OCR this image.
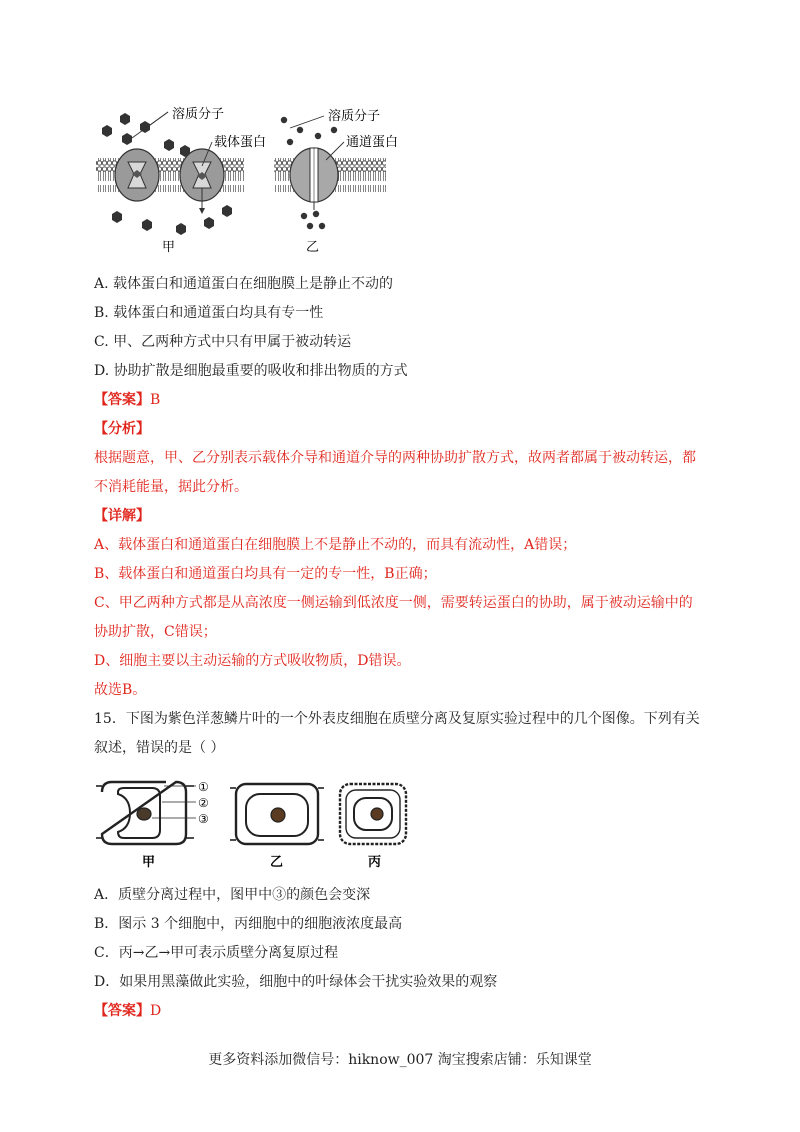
溶质分子
载体蛋白
溶质分子
通道蛋白
甲	乙
A. 载体蛋白和通道蛋白在细胞膜上是静止不动的
B. 载体蛋白和通道蛋白均具有专一性
C. 甲、乙两种方式中只有甲属于被动转运
D. 协助扩散是细胞最重要的吸收和排出物质的方式
【答案】B
【分析】
根据题意，甲、乙分别表示载体介导和通道介导的两种协助扩散方式，故两者都属于被动转运，都
不消耗能量，据此分析。
【详解】
A、载体蛋白和通道蛋白在细胞膜上不是静止不动的，而具有流动性，A错误；
B、载体蛋白和通道蛋白均具有一定的专一性，B正确；
C、甲乙两种方式都是从高浓度一侧运输到低浓度一侧，需要转运蛋白的协助，属于被动运输中的
协助扩散，C错误；
D、细胞主要以主动运输的方式吸收物质，D错误。
故选B。
15．下图为紫色洋葱鳞片叶的一个外表皮细胞在质壁分离及复原实验过程中的几个图像。下列有关
叙述，错误的是（ ）
①
②
③
甲	乙	丙
A．质壁分离过程中，图甲中③的颜色会变深
B．图示 3 个细胞中，丙细胞中的细胞液浓度最高
C．丙→乙→甲可表示质壁分离复原过程
D．如果用黑藻做此实验，细胞中的叶绿体会干扰实验效果的观察
【答案】D
更多资料添加微信号：hiknow_007 淘宝搜索店铺：乐知课堂
